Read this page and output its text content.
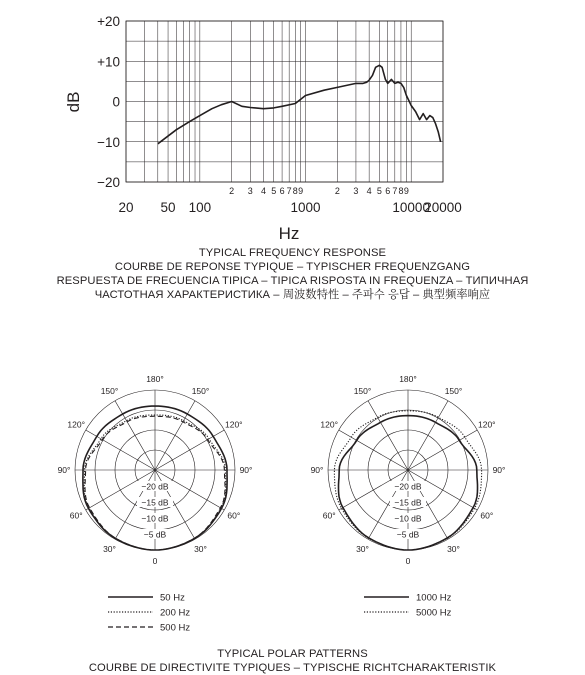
dB
Hz
+20
+10
0
−10
−20
20 50 100	1000	10000
20000
2 3 4 5 6 7 8 9	2 3 4 5 6 7 8 9
180°
150°	150°
120°	120°
90°	90°
60°	60°
30°	30°
0
−20 dB
−15 dB
−10 dB
−5 dB
180°
150°	150°
120°	120°
90°	90°
60°	60°
30°	30°
0
−20 dB
−15 dB
−10 dB
−5 dB
50 Hz
200 Hz
500 Hz
1000 Hz
5000 Hz
TYPICAL FREQUENCY RESPONSE
COURBE DE REPONSE TYPIQUE – TYPISCHER FREQUENZGANG
RESPUESTA DE FRECUENCIA TIPICA – TIPICA RISPOSTA IN FREQUENZA – ТИПИЧНАЯ
ЧАСТОТНАЯ ХАРАКТЕРИСТИКА – 周波数特性 – 주파수 응답 – 典型频率响应
TYPICAL POLAR PATTERNS
COURBE DE DIRECTIVITE TYPIQUES – TYPISCHE RICHTCHARAKTERISTIK
